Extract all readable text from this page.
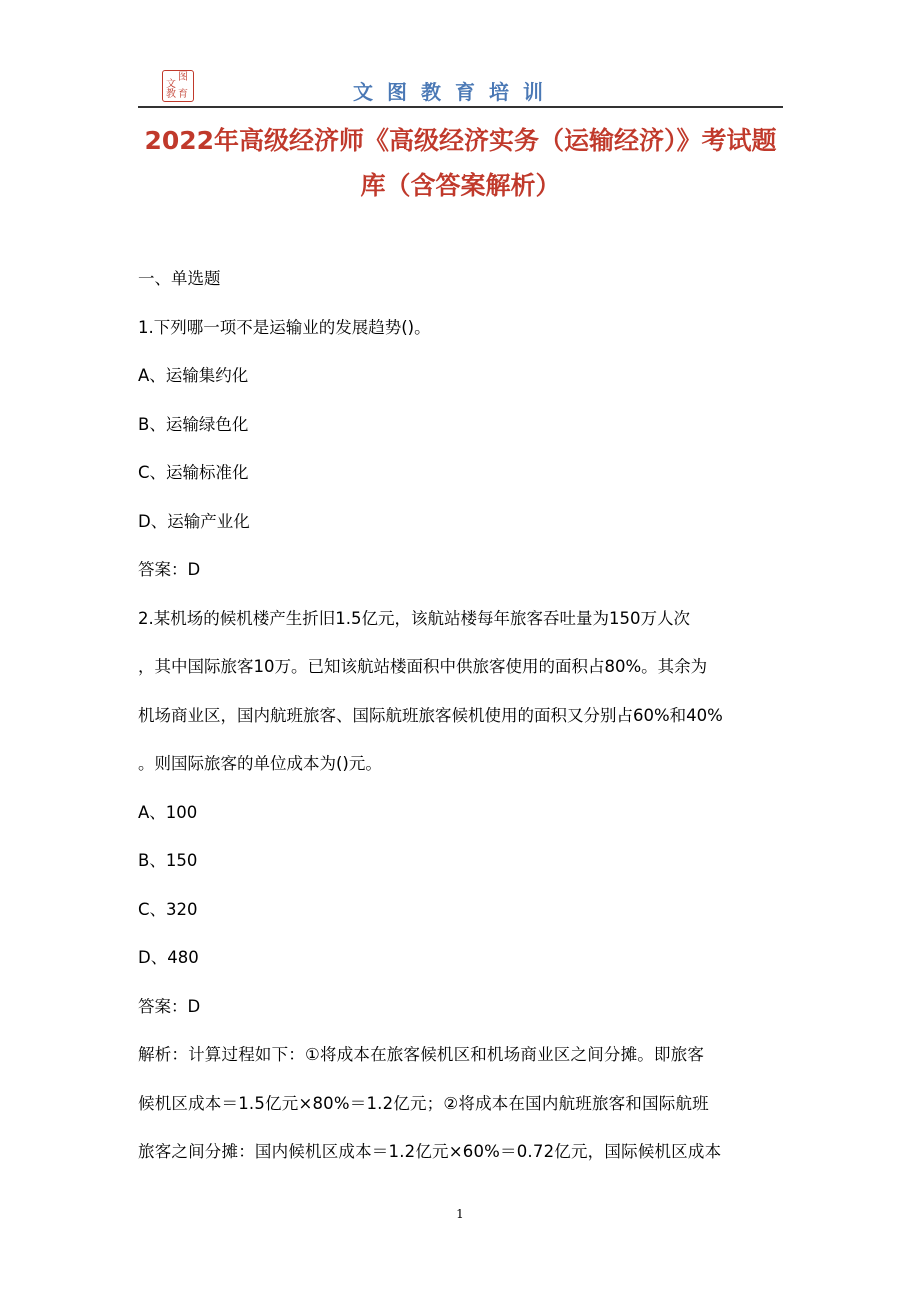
图
文
教 育	文图教育培训
2022年高级经济师《高级经济实务（运输经济）》考试题
库（含答案解析）

一、单选题

1.下列哪一项不是运输业的发展趋势()。

A、运输集约化

B、运输绿色化

C、运输标准化

D、运输产业化

答案：D

2.某机场的候机楼产生折旧1.5亿元，该航站楼每年旅客吞吐量为150万人次

，其中国际旅客10万。已知该航站楼面积中供旅客使用的面积占80%。其余为

机场商业区，国内航班旅客、国际航班旅客候机使用的面积又分别占60%和40%

。则国际旅客的单位成本为()元。

A、100

B、150

C、320

D、480

答案：D

解析：计算过程如下：①将成本在旅客候机区和机场商业区之间分摊。即旅客

候机区成本＝1.5亿元×80%＝1.2亿元；②将成本在国内航班旅客和国际航班

旅客之间分摊：国内候机区成本＝1.2亿元×60%＝0.72亿元，国际候机区成本

1
